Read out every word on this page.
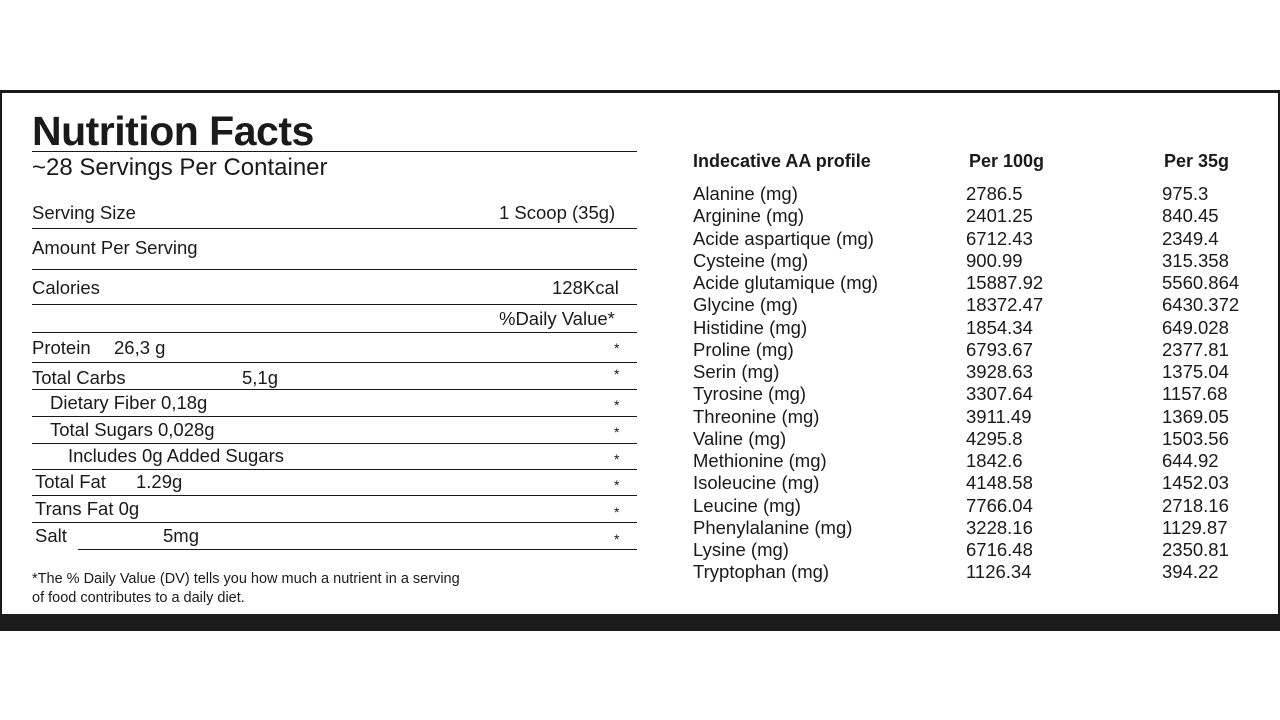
Nutrition Facts
~28 Servings Per Container
Serving Size	1 Scoop (35g)
Amount Per Serving
Calories	128Kcal
%Daily Value*
Protein 26,3 g	*
Total Carbs	5,1g	*
Dietary Fiber 0,18g	*
Total Sugars 0,028g	*
Includes 0g Added Sugars	*
Total Fat 1.29g	*
Trans Fat 0g	*
Salt	5mg	*
*The % Daily Value (DV) tells you how much a nutrient in a serving
of food contributes to a daily diet.
Indecative AA profile	Per 100g	Per 35g
Alanine (mg)	2786.5	975.3
Arginine (mg)	2401.25	840.45
Acide aspartique (mg)	6712.43	2349.4
Cysteine (mg)	900.99	315.358
Acide glutamique (mg)	15887.92	5560.864
Glycine (mg)	18372.47	6430.372
Histidine (mg)	1854.34	649.028
Proline (mg)	6793.67	2377.81
Serin (mg)	3928.63	1375.04
Tyrosine (mg)	3307.64	1157.68
Threonine (mg)	3911.49	1369.05
Valine (mg)	4295.8	1503.56
Methionine (mg)	1842.6	644.92
Isoleucine (mg)	4148.58	1452.03
Leucine (mg)	7766.04	2718.16
Phenylalanine (mg)	3228.16	1129.87
Lysine (mg)	6716.48	2350.81
Tryptophan (mg)	1126.34	394.22
